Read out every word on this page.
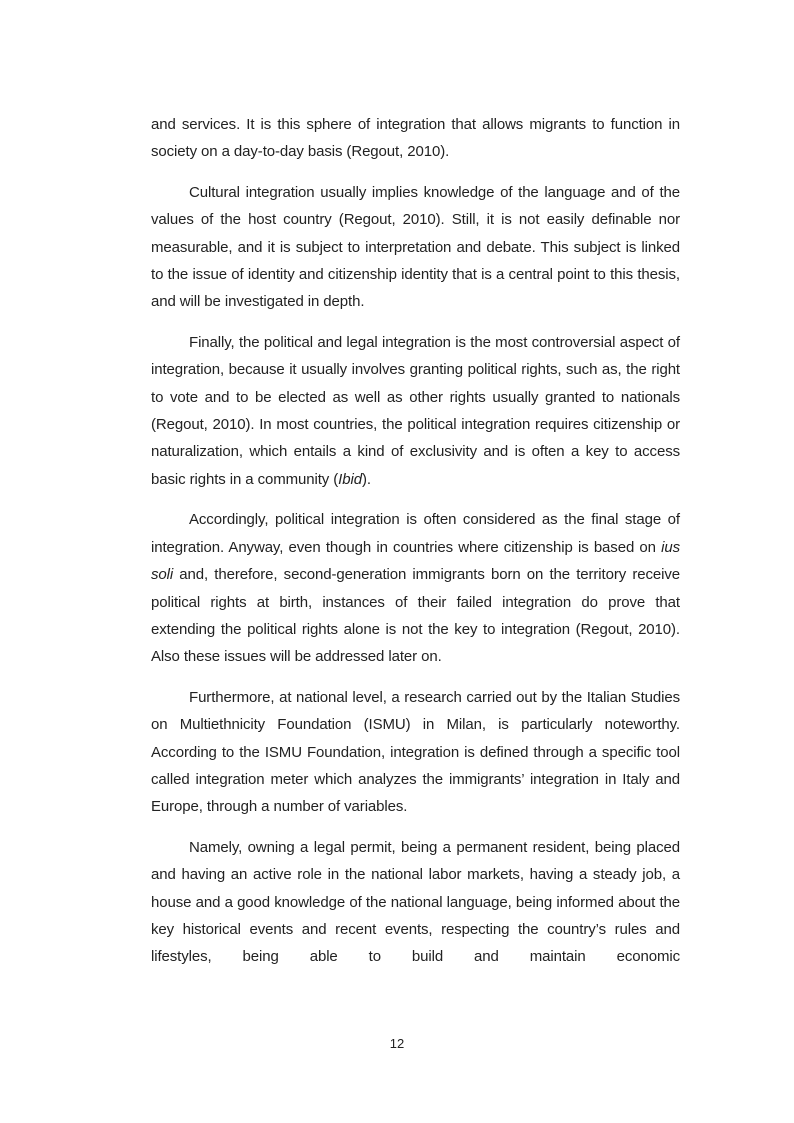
and services. It is this sphere of integration that allows migrants to function in society on a day-to-day basis (Regout, 2010).

Cultural integration usually implies knowledge of the language and of the values of the host country (Regout, 2010). Still, it is not easily definable nor measurable, and it is subject to interpretation and debate. This subject is linked to the issue of identity and citizenship identity that is a central point to this thesis, and will be investigated in depth.

Finally, the political and legal integration is the most controversial aspect of integration, because it usually involves granting political rights, such as, the right to vote and to be elected as well as other rights usually granted to nationals (Regout, 2010). In most countries, the political integration requires citizenship or naturalization, which entails a kind of exclusivity and is often a key to access basic rights in a community (Ibid).

Accordingly, political integration is often considered as the final stage of integration. Anyway, even though in countries where citizenship is based on ius soli and, therefore, second-generation immigrants born on the territory receive political rights at birth, instances of their failed integration do prove that extending the political rights alone is not the key to integration (Regout, 2010). Also these issues will be addressed later on.

Furthermore, at national level, a research carried out by the Italian Studies on Multiethnicity Foundation (ISMU) in Milan, is particularly noteworthy. According to the ISMU Foundation, integration is defined through a specific tool called integration meter which analyzes the immigrants’ integration in Italy and Europe, through a number of variables.

Namely, owning a legal permit, being a permanent resident, being placed and having an active role in the national labor markets, having a steady job, a house and a good knowledge of the national language, being informed about the key historical events and recent events, respecting the country’s rules and lifestyles, being able to build and maintain economic

12
